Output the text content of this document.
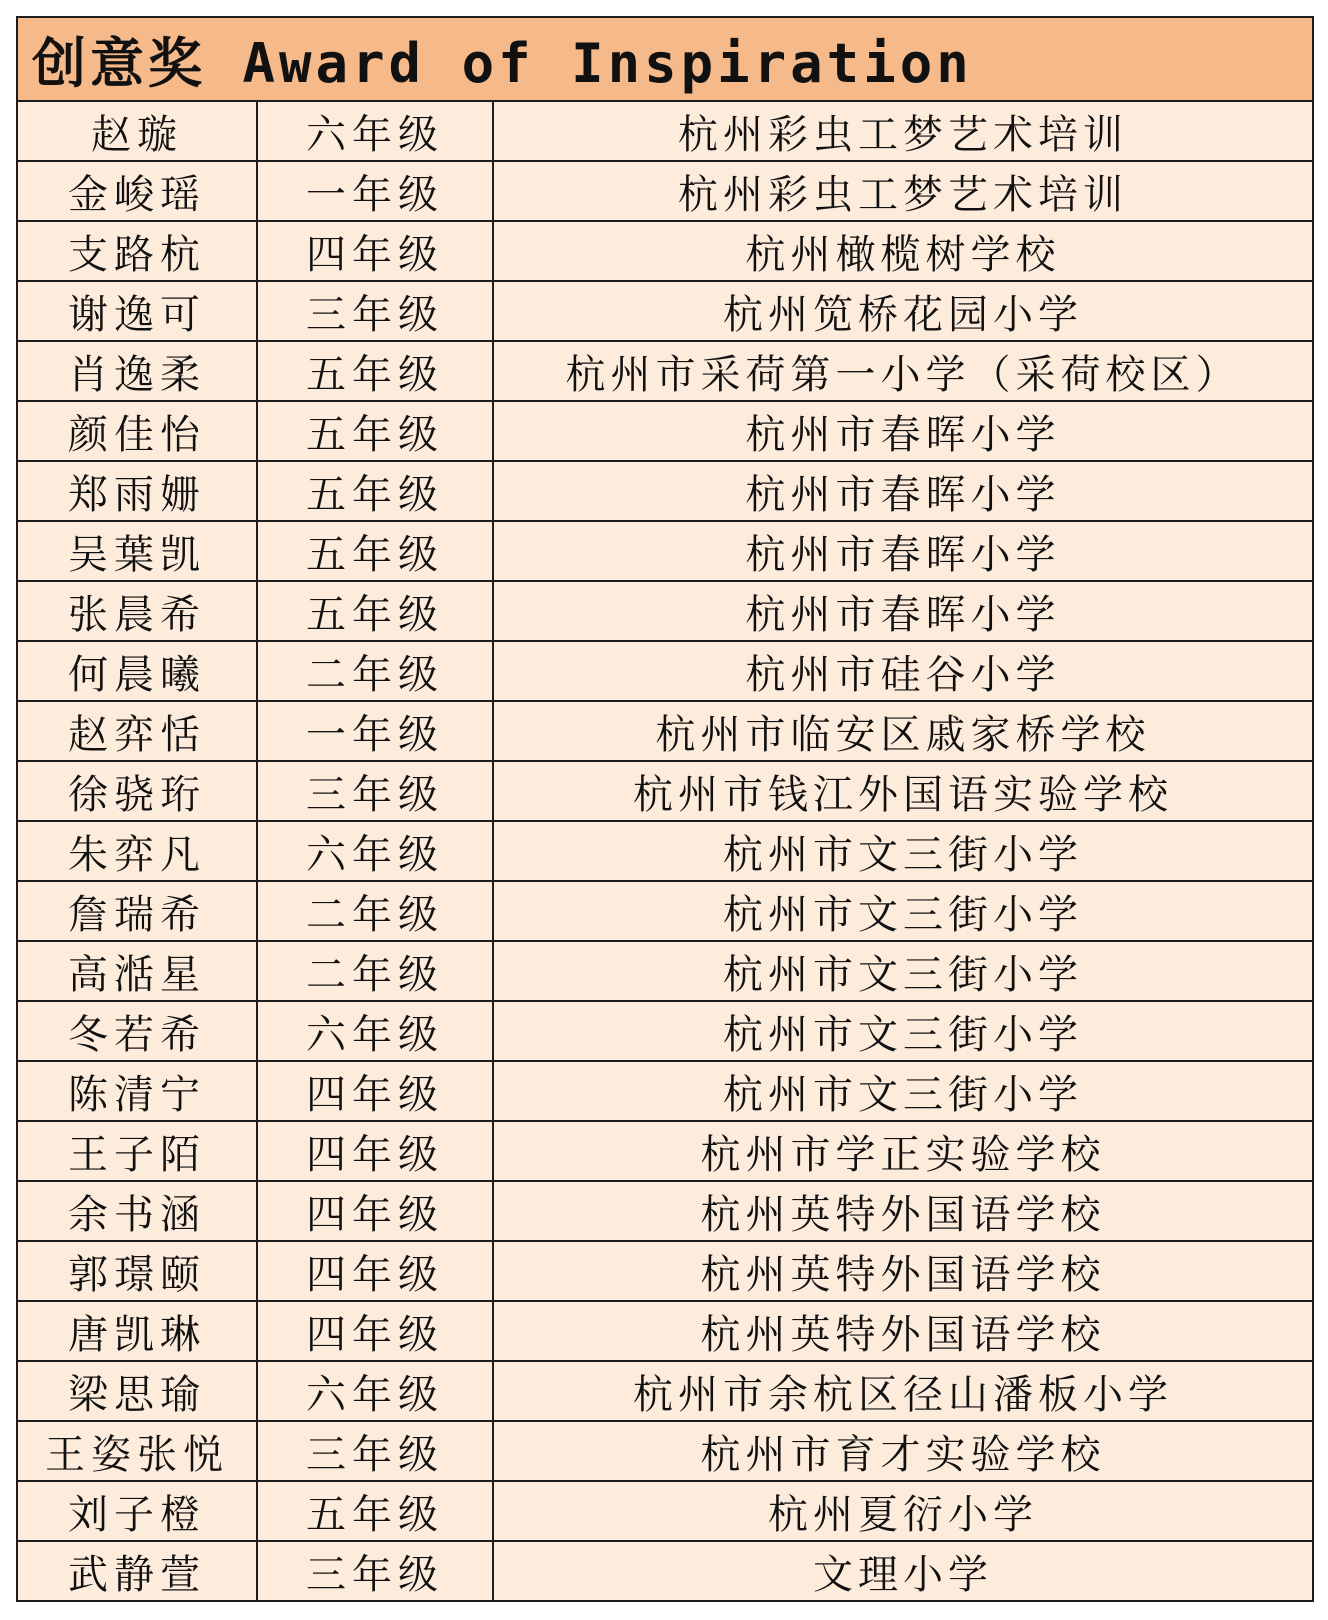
创意奖 Award of Inspiration		
赵璇	六年级	杭州彩虫工梦艺术培训
金峻瑶	一年级	杭州彩虫工梦艺术培训
支路杭	四年级	杭州橄榄树学校
谢逸可	三年级	杭州笕桥花园小学
肖逸柔	五年级	杭州市采荷第一小学（采荷校区）
颜佳怡	五年级	杭州市春晖小学
郑雨姗	五年级	杭州市春晖小学
吴葉凯	五年级	杭州市春晖小学
张晨希	五年级	杭州市春晖小学
何晨曦	二年级	杭州市硅谷小学
赵弈恬	一年级	杭州市临安区戚家桥学校
徐骁珩	三年级	杭州市钱江外国语实验学校
朱弈凡	六年级	杭州市文三街小学
詹瑞希	二年级	杭州市文三街小学
高湉星	二年级	杭州市文三街小学
冬若希	六年级	杭州市文三街小学
陈清宁	四年级	杭州市文三街小学
王子陌	四年级	杭州市学正实验学校
余书涵	四年级	杭州英特外国语学校
郭璟颐	四年级	杭州英特外国语学校
唐凯琳	四年级	杭州英特外国语学校
梁思瑜	六年级	杭州市余杭区径山潘板小学
王姿张悦	三年级	杭州市育才实验学校
刘子橙	五年级	杭州夏衍小学
武静萱	三年级	文理小学
